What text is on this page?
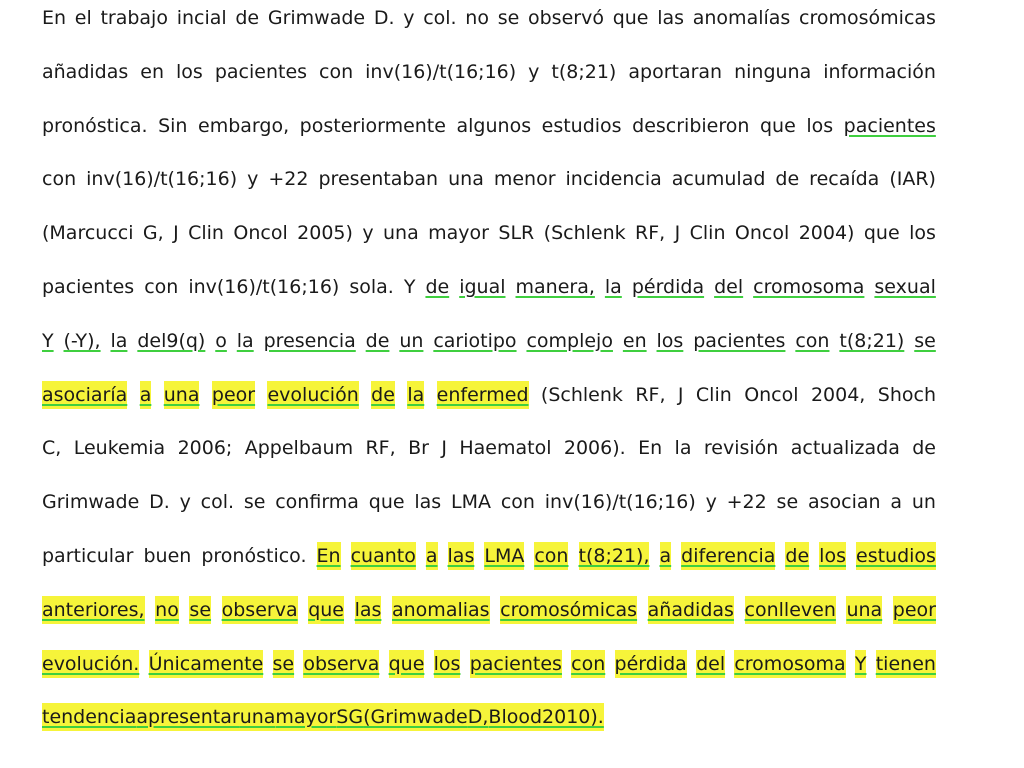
En el trabajo incial de Grimwade D. y col. no se observó que las anomalías cromosómicas
añadidas en los pacientes con inv(16)/t(16;16) y t(8;21) aportaran ninguna información
pronóstica. Sin embargo, posteriormente algunos estudios describieron que los pacientes
con inv(16)/t(16;16) y +22 presentaban una menor incidencia acumulad de recaída (IAR)
(Marcucci G, J Clin Oncol 2005) y una mayor SLR (Schlenk RF, J Clin Oncol 2004) que los
pacientes con inv(16)/t(16;16) sola. Y de igual manera, la pérdida del cromosoma sexual
Y (-Y), la del9(q) o la presencia de un cariotipo complejo en los pacientes con t(8;21) se
asociaría a una peor evolución de la enfermed (Schlenk RF, J Clin Oncol 2004, Shoch
C, Leukemia 2006; Appelbaum RF, Br J Haematol 2006). En la revisión actualizada de
Grimwade D. y col. se confirma que las LMA con inv(16)/t(16;16) y +22 se asocian a un
particular buen pronóstico. En cuanto a las LMA con t(8;21), a diferencia de los estudios
anteriores, no se observa que las anomalias cromosómicas añadidas conlleven una peor
evolución. Únicamente se observa que los pacientes con pérdida del cromosoma Y tienen
tendencia a presentar una mayor SG (Grimwade D, Blood 2010).
